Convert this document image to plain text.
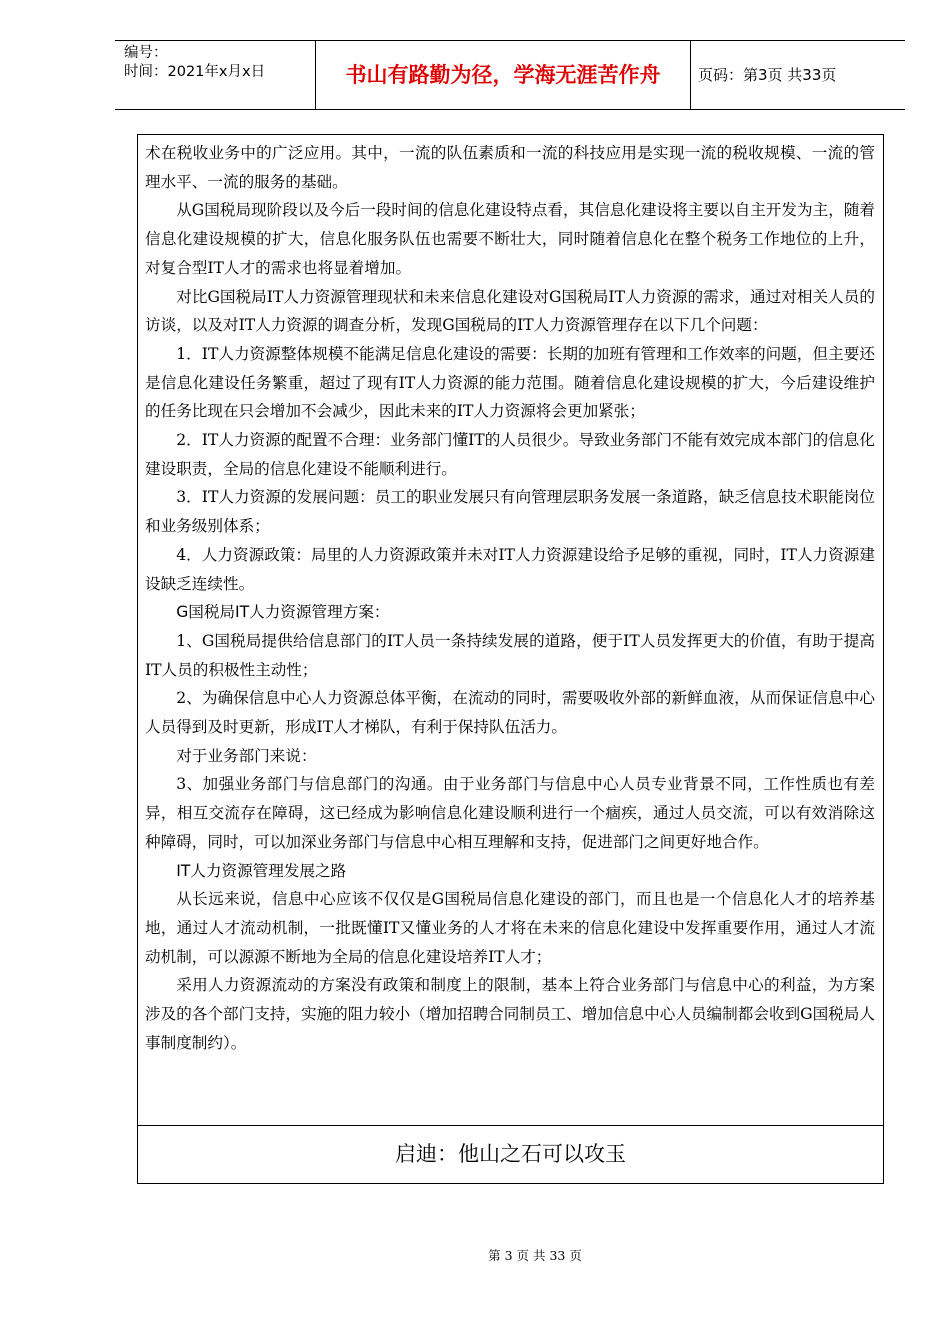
编号：
时间：2021年x月x日	书山有路勤为径，学海无涯苦作舟	页码：第3页 共33页

术在税收业务中的广泛应用。其中，一流的队伍素质和一流的科技应用是实现一流的税收规模、一流的管理水平、一流的服务的基础。

从G国税局现阶段以及今后一段时间的信息化建设特点看，其信息化建设将主要以自主开发为主，随着信息化建设规模的扩大，信息化服务队伍也需要不断壮大，同时随着信息化在整个税务工作地位的上升，对复合型IT人才的需求也将显着增加。

对比G国税局IT人力资源管理现状和未来信息化建设对G国税局IT人力资源的需求，通过对相关人员的访谈，以及对IT人力资源的调查分析，发现G国税局的IT人力资源管理存在以下几个问题：

1．IT人力资源整体规模不能满足信息化建设的需要：长期的加班有管理和工作效率的问题，但主要还是信息化建设任务繁重，超过了现有IT人力资源的能力范围。随着信息化建设规模的扩大，今后建设维护的任务比现在只会增加不会减少，因此未来的IT人力资源将会更加紧张；

2．IT人力资源的配置不合理：业务部门懂IT的人员很少。导致业务部门不能有效完成本部门的信息化建设职责，全局的信息化建设不能顺利进行。

3．IT人力资源的发展问题：员工的职业发展只有向管理层职务发展一条道路，缺乏信息技术职能岗位和业务级别体系；

4．人力资源政策：局里的人力资源政策并未对IT人力资源建设给予足够的重视，同时，IT人力资源建设缺乏连续性。

G国税局IT人力资源管理方案：

1、G国税局提供给信息部门的IT人员一条持续发展的道路，便于IT人员发挥更大的价值，有助于提高IT人员的积极性主动性；

2、为确保信息中心人力资源总体平衡，在流动的同时，需要吸收外部的新鲜血液，从而保证信息中心人员得到及时更新，形成IT人才梯队，有利于保持队伍活力。

对于业务部门来说：

3、加强业务部门与信息部门的沟通。由于业务部门与信息中心人员专业背景不同，工作性质也有差异，相互交流存在障碍，这已经成为影响信息化建设顺利进行一个痼疾，通过人员交流，可以有效消除这种障碍，同时，可以加深业务部门与信息中心相互理解和支持，促进部门之间更好地合作。

IT人力资源管理发展之路

从长远来说，信息中心应该不仅仅是G国税局信息化建设的部门，而且也是一个信息化人才的培养基地，通过人才流动机制，一批既懂IT又懂业务的人才将在未来的信息化建设中发挥重要作用，通过人才流动机制，可以源源不断地为全局的信息化建设培养IT人才；

采用人力资源流动的方案没有政策和制度上的限制，基本上符合业务部门与信息中心的利益，为方案涉及的各个部门支持，实施的阻力较小（增加招聘合同制员工、增加信息中心人员编制都会收到G国税局人事制度制约）。

启迪：他山之石可以攻玉
第 3 页 共 33 页
